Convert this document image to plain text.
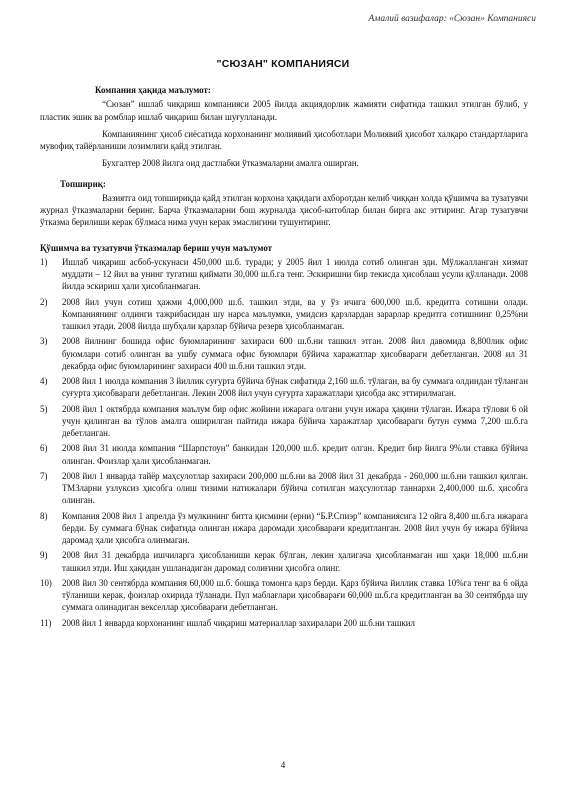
Амалий вазифалар: «Сюзан» Компанияси
"СЮЗАН" КОМПАНИЯСИ
Компания ҳақида маълумот:

“Сюзан” ишлаб чиқариш компанияси 2005 йилда акциядорлик жамияти сифатида ташкил этилган бўлиб, у пластик эшик ва ромблар ишлаб чиқариш билан шуғулланади.

Компаниянинг ҳисоб сиёсатида корхонанинг молиявий ҳисоботлари Молиявий ҳисобот халқаро стандартларига мувофиқ тайёрланиши лозимлиги қайд этилган.

Бухгалтер 2008 йилга оид дастлабки ўтказмаларни амалга оширган.

Топшириқ:

Вазиятга оид топшириқда қайд этилган корхона ҳақидаги ахборотдан келиб чиққан холда қўшимча ва тузатувчи журнал ўтказмаларни беринг. Барча ўтказмаларни бош журналда ҳисоб-китоблар билан бирга акс эттиринг. Агар тузатувчи ўтказма берилиши керак бўлмаса нима учун керак эмаслигини тушунтиринг.

Қўшимча ва тузатувчи ўтказмалар бериш учун маълумот
1) Ишлаб чиқариш асбоб-ускунаси 450,000 ш.б. туради; у 2005 йил 1 июлда сотиб олинган эди. Мўлжалланган хизмат муддати – 12 йил ва унинг тугатиш қиймати 30,000 ш.б.га тенг. Эскиришни бир текисда ҳисоблаш усули қўлланади. 2008 йилда эскириш ҳали ҳисобланмаган.
2) 2008 йил учун сотиш ҳажми 4,000,000 ш.б. ташкил этди, ва у ўз ичига 600,000 ш.б. кредитга сотишни олади. Компаниянинг олдинги тажрибасидан шу нарса маълумки, умидсиз қарзлардан зарарлар кредитга сотишнинг 0,25%ни ташкил этади. 2008 йилда шубҳали қарзлар бўйича резерв ҳисобланмаган.
3) 2008 йилнинг бошида офис буюмларининг захираси 600 ш.б.ни ташкил этган. 2008 йил давомида 8,800лик офис буюмлари сотиб олинган ва ушбу суммага офис буюмлари бўйича харажатлар ҳисобвараги дебетланган. 2008 ил 31 декабрда офис буюмларининг захираси 400 ш.б.ни ташкил этди.
4) 2008 йил 1 июлда компания 3 йиллик суғурта бўйича бўнак сифатида 2,160 ш.б. тўлаган, ва бу суммага олдиндан тўланган суғурта ҳисобвараги дебетланган. Лекин 2008 йил учун суғурта харажатлари ҳисобда акс эттирилмаган.
5) 2008 йил 1 октябрда компания маълум бир офис жойини ижарага олгани учун ижара ҳақини тўлаган. Ижара тўлови 6 ой учун қилинган ва тўлов амалга оширилган пайтида ижара бўйича харажатлар ҳисобвараги бутун сумма 7,200 ш.б.га дебетланган.
6) 2008 йил 31 июлда компания “Шарпстоун” банкидан 120,000 ш.б. кредит олган. Кредит бир йилга 9%ли ставка бўйича олинган. Фоизлар ҳали ҳисобланмаган.
7) 2008 йил 1 январда тайёр маҳсулотлар захираси 200,000 ш.б.ни ва 2008 йил 31 декабрда - 260,000 ш.б.ни ташкил қилган. ТМЗларни узлуксиз ҳисобга олиш тизими натижалари бўйича сотилган маҳсулотлар таннархи 2,400,000 ш.б. ҳисобга олинган.
8) Компания 2008 йил 1 апрелда ўз мулкининг битта қисмини (ерни) “Б.Р.Спиэр” компаниясига 12 ойга 8,400 ш.б.га ижарага берди. Бу суммага бўнак сифатида олинган ижара даромади ҳисобварағи кредитланган. 2008 йил учун бу ижара бўйича даромад ҳали ҳисобга олинмаган.
9) 2008 йил 31 декабрда ишчиларга ҳисобланиши керак бўлган, лекин ҳалигача ҳисобланмаган иш ҳақи 18,000 ш.б.ни ташкил этди. Иш ҳақидан ушланадиган даромад солиғини ҳисобга олинг.
10) 2008 йил 30 сентябрда компания 60,000 ш.б. бошқа томонга қарз берди. Қарз бўйича йиллик ставка 10%га тенг ва 6 ойда тўланиши керак, фоизлар охирида тўланади. Пул маблағлари ҳисобварағи 60,000 ш.б.га кредитланган ва 30 сентябрда шу суммага олинадиган векселлар ҳисобварағи дебетланган.
11) 2008 йил 1 январда корхонанинг ишлаб чиқариш материаллар захиралари 200 ш.б.ни ташкил
4
